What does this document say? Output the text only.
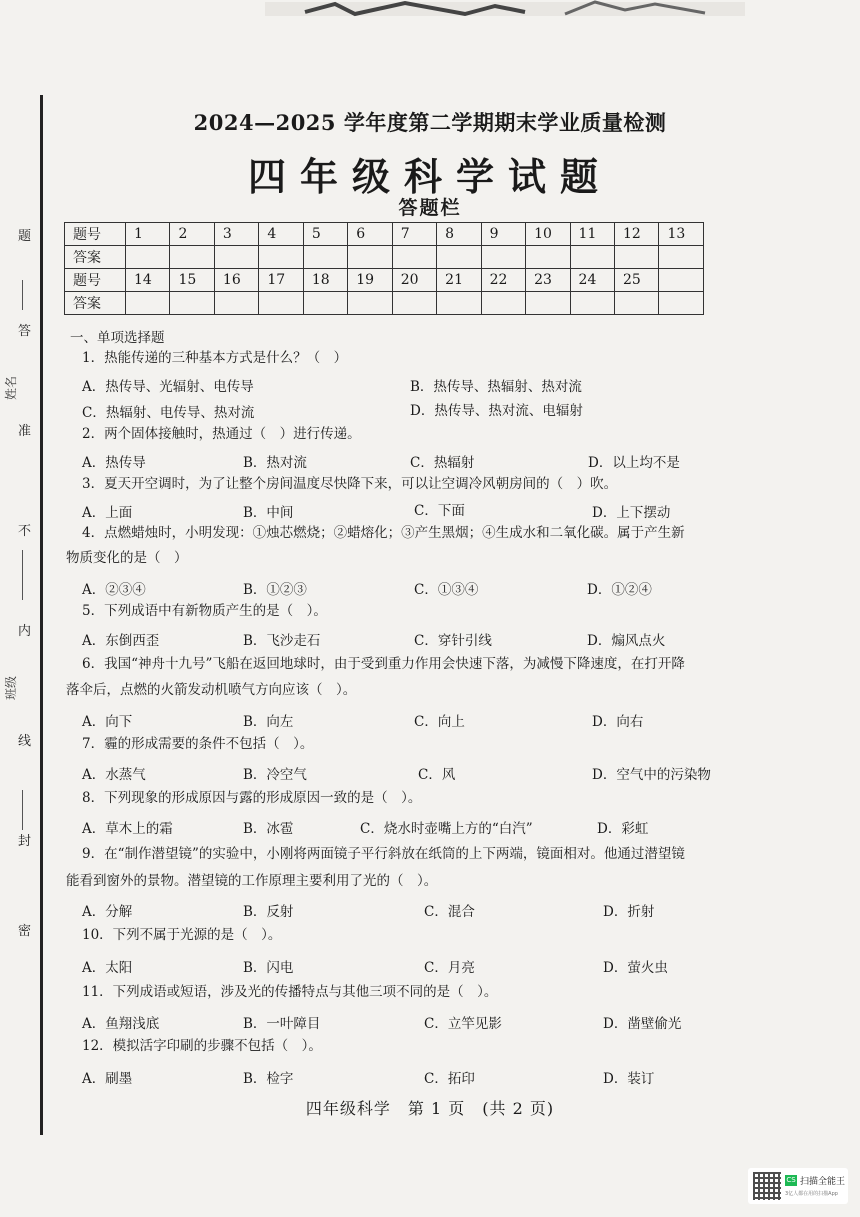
题
答
准
不
内
线
封
密
姓名
班级
2024—2025 学年度第二学期期末学业质量检测
四年级科学试题
答题栏
题号	1	2	3	4	5	6	7	8	9	10	11	12	13
答案													
题号	14	15	16	17	18	19	20	21	22	23	24	25	
答案													
一、单项选择题
1．热能传递的三种基本方式是什么？（　）
A．热传导、光辐射、电传导	B．热传导、热辐射、热对流
C．热辐射、电传导、热对流	D．热传导、热对流、电辐射
2．两个固体接触时，热通过（　）进行传递。
A．热传导	B．热对流	C．热辐射	D．以上均不是
3．夏天开空调时，为了让整个房间温度尽快降下来，可以让空调冷风朝房间的（　）吹。
A．上面	B．中间	C．下面	D．上下摆动
4．点燃蜡烛时，小明发现：①烛芯燃烧；②蜡熔化；③产生黑烟；④生成水和二氧化碳。属于产生新
物质变化的是（　）
A．②③④	B．①②③	C．①③④	D．①②④
5．下列成语中有新物质产生的是（　）。
A．东倒西歪	B．飞沙走石	C．穿针引线	D．煽风点火
6．我国“神舟十九号”飞船在返回地球时，由于受到重力作用会快速下落，为减慢下降速度，在打开降
落伞后，点燃的火箭发动机喷气方向应该（　）。
A．向下	B．向左	C．向上	D．向右
7．霾的形成需要的条件不包括（　）。
A．水蒸气	B．冷空气	C．风	D．空气中的污染物
8．下列现象的形成原因与露的形成原因一致的是（　）。
A．草木上的霜	B．冰雹	C．烧水时壶嘴上方的“白汽”	D．彩虹
9．在“制作潜望镜”的实验中，小刚将两面镜子平行斜放在纸筒的上下两端，镜面相对。他通过潜望镜
能看到窗外的景物。潜望镜的工作原理主要利用了光的（　）。
A．分解	B．反射	C．混合	D．折射
10．下列不属于光源的是（　）。
A．太阳	B．闪电	C．月亮	D．萤火虫
11．下列成语或短语，涉及光的传播特点与其他三项不同的是（　）。
A．鱼翔浅底	B．一叶障目	C．立竿见影	D．凿壁偷光
12．模拟活字印刷的步骤不包括（　）。
A．刷墨	B．检字	C．拓印	D．装订
四年级科学　第 1 页　(共 2 页)
CS 扫描全能王
3亿人都在用的扫描App
